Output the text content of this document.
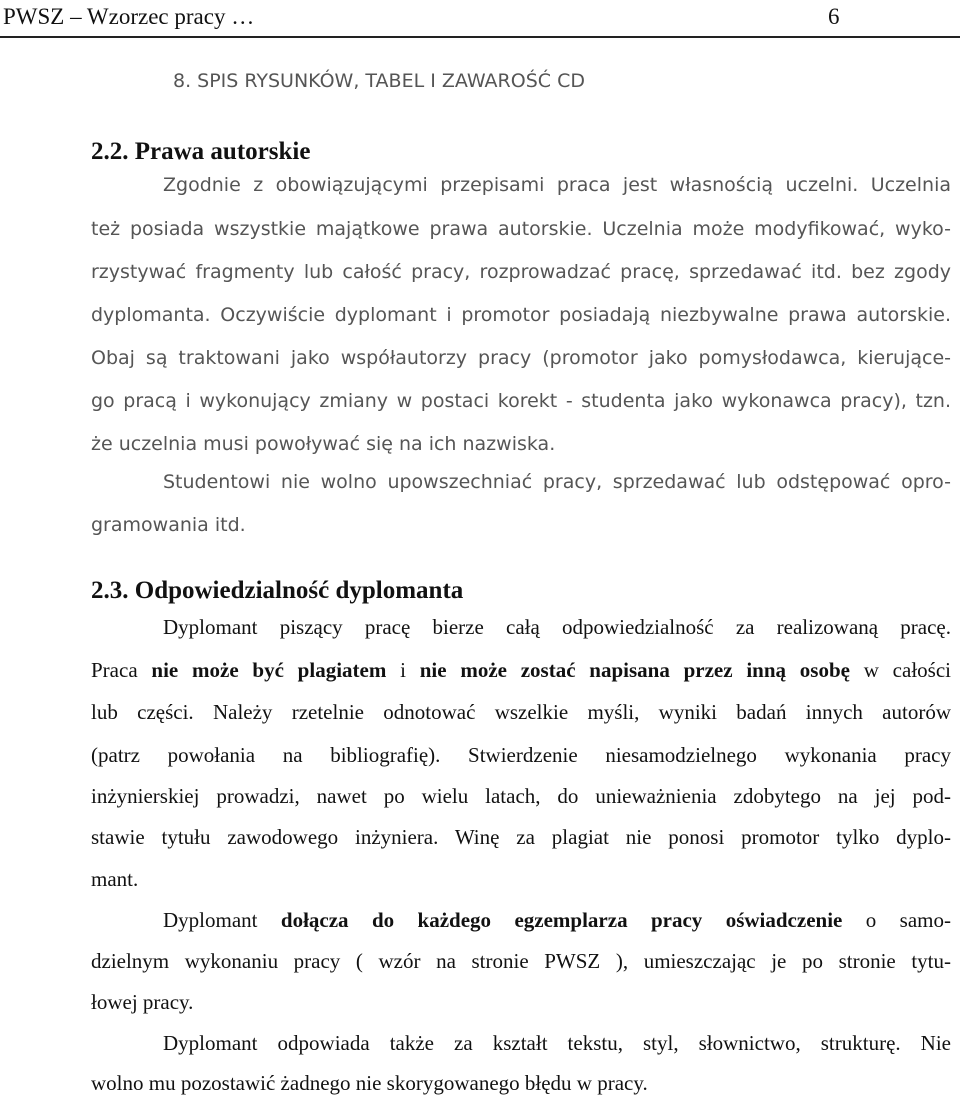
PWSZ – Wzorzec pracy …	6
8. SPIS RYSUNKÓW, TABEL I ZAWAROŚĆ CD
2.2. Prawa autorskie
Zgodnie z obowiązującymi przepisami praca jest własnością uczelni. Uczelnia
też posiada wszystkie majątkowe prawa autorskie. Uczelnia może modyfikować, wyko-
rzystywać fragmenty lub całość pracy, rozprowadzać pracę, sprzedawać itd. bez zgody
dyplomanta. Oczywiście dyplomant i promotor posiadają niezbywalne prawa autorskie.
Obaj są traktowani jako współautorzy pracy (promotor jako pomysłodawca, kierujące-
go pracą i wykonujący zmiany w postaci korekt - studenta jako wykonawca pracy), tzn.
że uczelnia musi powoływać się na ich nazwiska.
Studentowi nie wolno upowszechniać pracy, sprzedawać lub odstępować opro-
gramowania itd.
2.3. Odpowiedzialność dyplomanta
Dyplomant piszący pracę bierze całą odpowiedzialność za realizowaną pracę.
Praca nie może być plagiatem i nie może zostać napisana przez inną osobę w całości
lub części. Należy rzetelnie odnotować wszelkie myśli, wyniki badań innych autorów
(patrz powołania na bibliografię). Stwierdzenie niesamodzielnego wykonania pracy
inżynierskiej prowadzi, nawet po wielu latach, do unieważnienia zdobytego na jej pod-
stawie tytułu zawodowego inżyniera. Winę za plagiat nie ponosi promotor tylko dyplo-
mant.
Dyplomant dołącza do każdego egzemplarza pracy oświadczenie o samo-
dzielnym wykonaniu pracy ( wzór na stronie PWSZ ), umieszczając je po stronie tytu-
łowej pracy.
Dyplomant odpowiada także za kształt tekstu, styl, słownictwo, strukturę. Nie
wolno mu pozostawić żadnego nie skorygowanego błędu w pracy.
